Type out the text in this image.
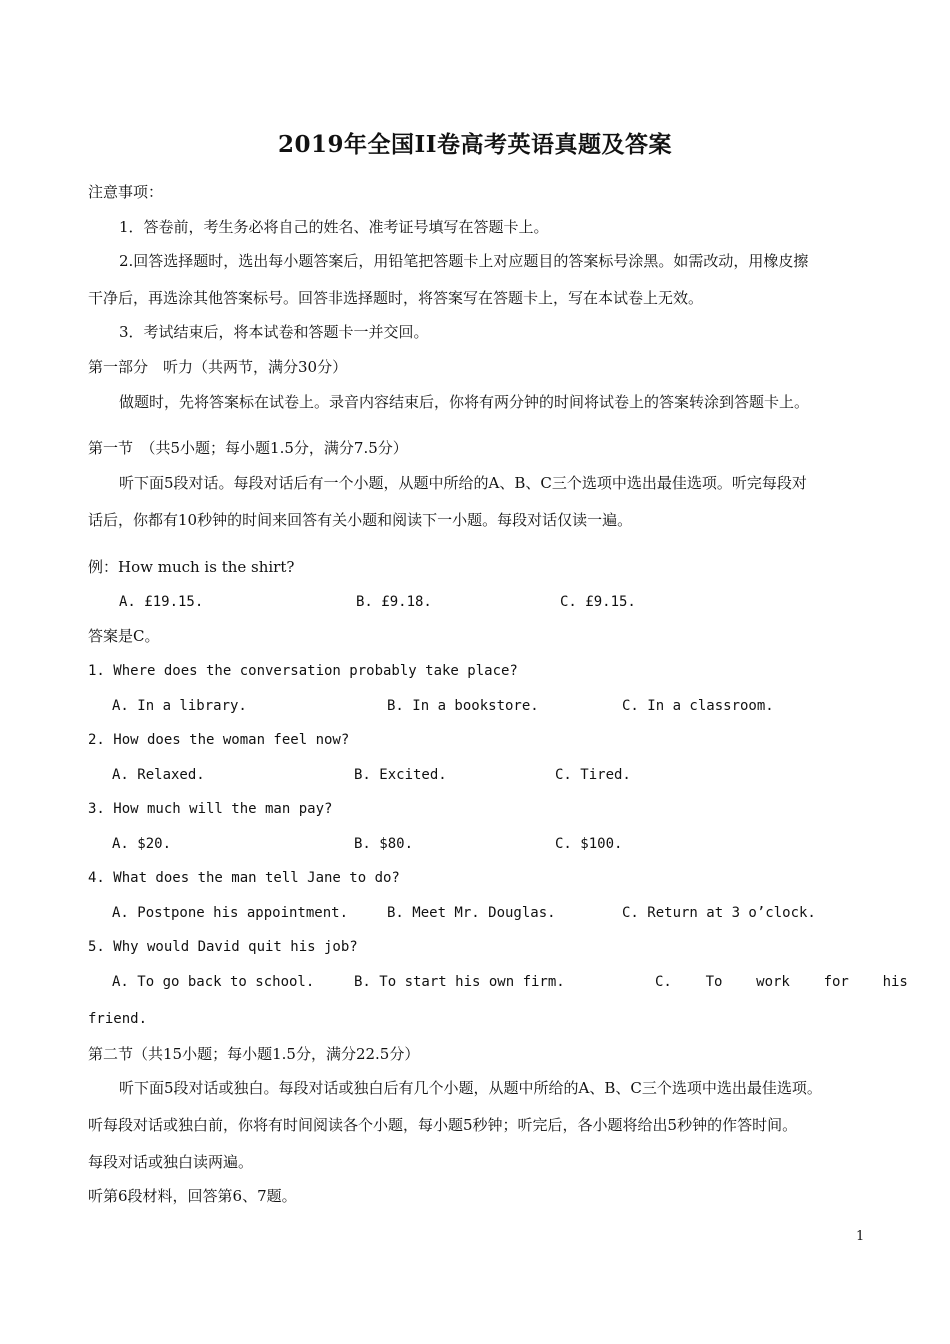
2019年全国II卷高考英语真题及答案
注意事项：
1．答卷前，考生务必将自己的姓名、准考证号填写在答题卡上。
2.回答选择题时，选出每小题答案后，用铅笔把答题卡上对应题目的答案标号涂黑。如需改动，用橡皮擦
干净后，再选涂其他答案标号。回答非选择题时，将答案写在答题卡上，写在本试卷上无效。
3．考试结束后，将本试卷和答题卡一并交回。
第一部分　听力（共两节，满分30分）
做题时，先将答案标在试卷上。录音内容结束后，你将有两分钟的时间将试卷上的答案转涂到答题卡上。
第一节　（共5小题；每小题1.5分，满分7.5分）
听下面5段对话。每段对话后有一个小题，从题中所给的A、B、C三个选项中选出最佳选项。听完每段对
话后，你都有10秒钟的时间来回答有关小题和阅读下一小题。每段对话仅读一遍。
例：How much is the shirt?
A. £19.15.	B. £9.18.	C. £9.15.
答案是C。
1. Where does the conversation probably take place?
A. In a library.	B. In a bookstore.	C. In a classroom.
2. How does the woman feel now?
A. Relaxed.	B. Excited.	C. Tired.
3. How much will the man pay?
A. $20.	B. $80.	C. $100.
4. What does the man tell Jane to do?
A. Postpone his appointment.	B. Meet Mr. Douglas.	C. Return at 3 o’clock.
5. Why would David quit his job?
A. To go back to school.	B. To start his own firm.	C.    To    work    for    his
friend.
第二节（共15小题；每小题1.5分，满分22.5分）
听下面5段对话或独白。每段对话或独白后有几个小题，从题中所给的A、B、C三个选项中选出最佳选项。
听每段对话或独白前，你将有时间阅读各个小题，每小题5秒钟；听完后，各小题将给出5秒钟的作答时间。
每段对话或独白读两遍。
听第6段材料，回答第6、7题。
1
